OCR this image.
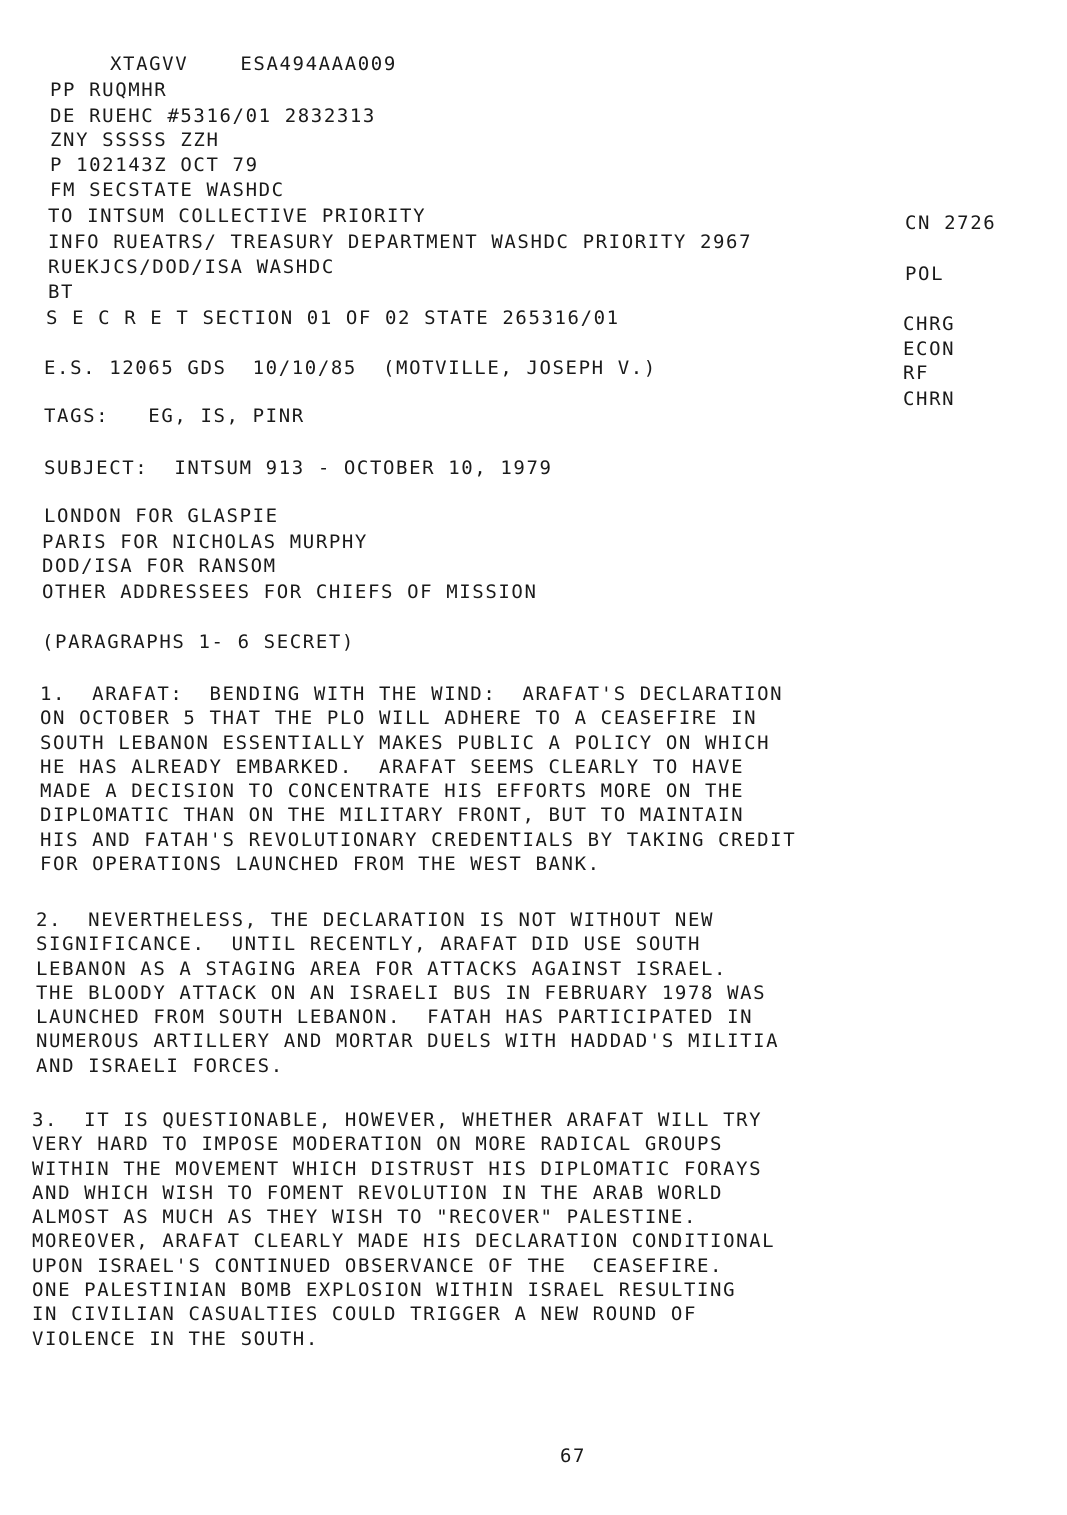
XTAGVV    ESA494AAA009
PP RUQMHR
DE RUEHC #5316/01 2832313
ZNY SSSSS ZZH
P 102143Z OCT 79
FM SECSTATE WASHDC
TO INTSUM COLLECTIVE PRIORITY
INFO RUEATRS/ TREASURY DEPARTMENT WASHDC PRIORITY 2967
RUEKJCS/DOD/ISA WASHDC
BT
S E C R E T SECTION 01 OF 02 STATE 265316/01
E.S. 12065 GDS  10/10/85  (MOTVILLE, JOSEPH V.)
TAGS:   EG, IS, PINR
SUBJECT:  INTSUM 913 - OCTOBER 10, 1979
CN 2726
POL
CHRG
ECON
RF
CHRN
LONDON FOR GLASPIE
PARIS FOR NICHOLAS MURPHY
DOD/ISA FOR RANSOM
OTHER ADDRESSEES FOR CHIEFS OF MISSION
(PARAGRAPHS 1- 6 SECRET)
1.  ARAFAT:  BENDING WITH THE WIND:  ARAFAT'S DECLARATION
ON OCTOBER 5 THAT THE PLO WILL ADHERE TO A CEASEFIRE IN
SOUTH LEBANON ESSENTIALLY MAKES PUBLIC A POLICY ON WHICH
HE HAS ALREADY EMBARKED.  ARAFAT SEEMS CLEARLY TO HAVE
MADE A DECISION TO CONCENTRATE HIS EFFORTS MORE ON THE
DIPLOMATIC THAN ON THE MILITARY FRONT, BUT TO MAINTAIN
HIS AND FATAH'S REVOLUTIONARY CREDENTIALS BY TAKING CREDIT
FOR OPERATIONS LAUNCHED FROM THE WEST BANK.
2.  NEVERTHELESS, THE DECLARATION IS NOT WITHOUT NEW
SIGNIFICANCE.  UNTIL RECENTLY, ARAFAT DID USE SOUTH
LEBANON AS A STAGING AREA FOR ATTACKS AGAINST ISRAEL.
THE BLOODY ATTACK ON AN ISRAELI BUS IN FEBRUARY 1978 WAS
LAUNCHED FROM SOUTH LEBANON.  FATAH HAS PARTICIPATED IN
NUMEROUS ARTILLERY AND MORTAR DUELS WITH HADDAD'S MILITIA
AND ISRAELI FORCES.
3.  IT IS QUESTIONABLE, HOWEVER, WHETHER ARAFAT WILL TRY
VERY HARD TO IMPOSE MODERATION ON MORE RADICAL GROUPS
WITHIN THE MOVEMENT WHICH DISTRUST HIS DIPLOMATIC FORAYS
AND WHICH WISH TO FOMENT REVOLUTION IN THE ARAB WORLD
ALMOST AS MUCH AS THEY WISH TO "RECOVER" PALESTINE.
MOREOVER, ARAFAT CLEARLY MADE HIS DECLARATION CONDITIONAL
UPON ISRAEL'S CONTINUED OBSERVANCE OF THE  CEASEFIRE.
ONE PALESTINIAN BOMB EXPLOSION WITHIN ISRAEL RESULTING
IN CIVILIAN CASUALTIES COULD TRIGGER A NEW ROUND OF
VIOLENCE IN THE SOUTH.
67
